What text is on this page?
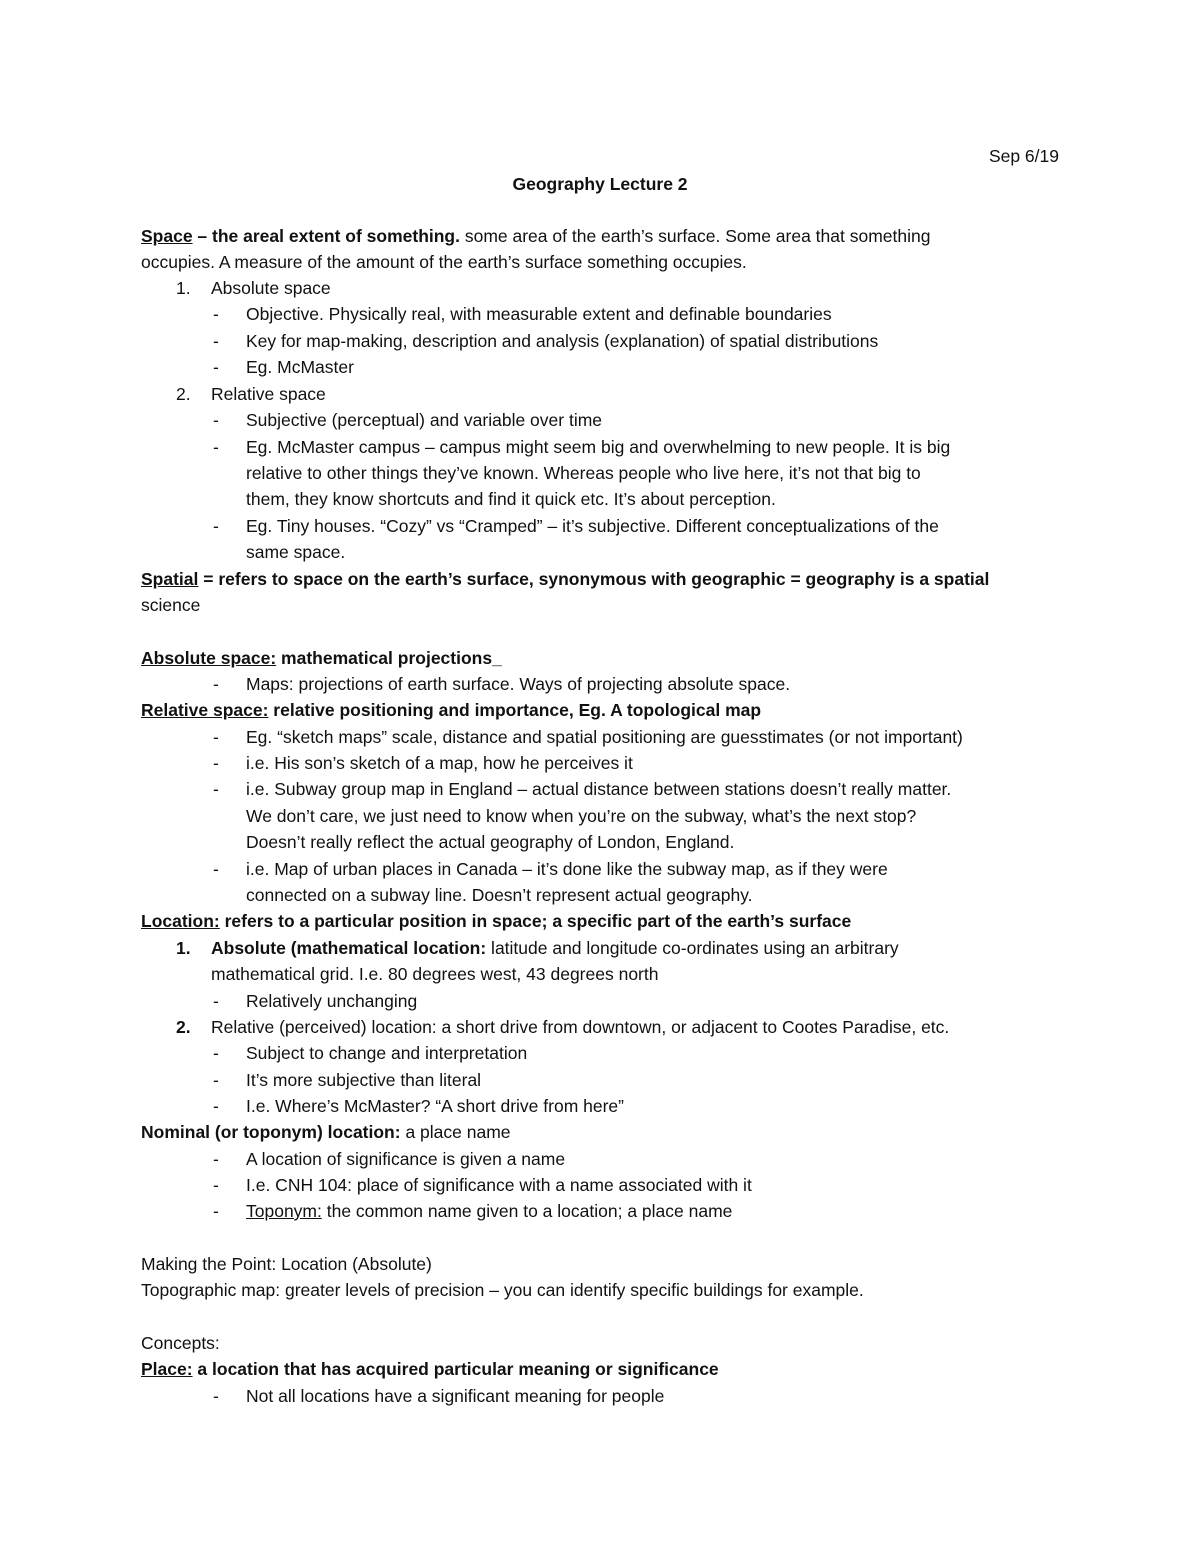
Sep 6/19
Geography Lecture 2
Space – the areal extent of something. some area of the earth’s surface. Some area that something
occupies. A measure of the amount of the earth’s surface something occupies.
1. Absolute space
- Objective. Physically real, with measurable extent and definable boundaries
- Key for map-making, description and analysis (explanation) of spatial distributions
- Eg. McMaster
2. Relative space
- Subjective (perceptual) and variable over time
- Eg. McMaster campus – campus might seem big and overwhelming to new people. It is big
relative to other things they’ve known. Whereas people who live here, it’s not that big to
them, they know shortcuts and find it quick etc. It’s about perception.
- Eg. Tiny houses. “Cozy” vs “Cramped” – it’s subjective. Different conceptualizations of the
same space.
Spatial = refers to space on the earth’s surface, synonymous with geographic = geography is a spatial
science
Absolute space: mathematical projections_
- Maps: projections of earth surface. Ways of projecting absolute space.
Relative space: relative positioning and importance, Eg. A topological map
- Eg. “sketch maps” scale, distance and spatial positioning are guesstimates (or not important)
- i.e. His son’s sketch of a map, how he perceives it
- i.e. Subway group map in England – actual distance between stations doesn’t really matter.
We don’t care, we just need to know when you’re on the subway, what’s the next stop?
Doesn’t really reflect the actual geography of London, England.
- i.e. Map of urban places in Canada – it’s done like the subway map, as if they were
connected on a subway line. Doesn’t represent actual geography.
Location: refers to a particular position in space; a specific part of the earth’s surface
1. Absolute (mathematical location: latitude and longitude co-ordinates using an arbitrary
mathematical grid. I.e. 80 degrees west, 43 degrees north
- Relatively unchanging
2. Relative (perceived) location: a short drive from downtown, or adjacent to Cootes Paradise, etc.
- Subject to change and interpretation
- It’s more subjective than literal
- I.e. Where’s McMaster? “A short drive from here”
Nominal (or toponym) location: a place name
- A location of significance is given a name
- I.e. CNH 104: place of significance with a name associated with it
- Toponym: the common name given to a location; a place name
Making the Point: Location (Absolute)
Topographic map: greater levels of precision – you can identify specific buildings for example.
Concepts:
Place: a location that has acquired particular meaning or significance
- Not all locations have a significant meaning for people
